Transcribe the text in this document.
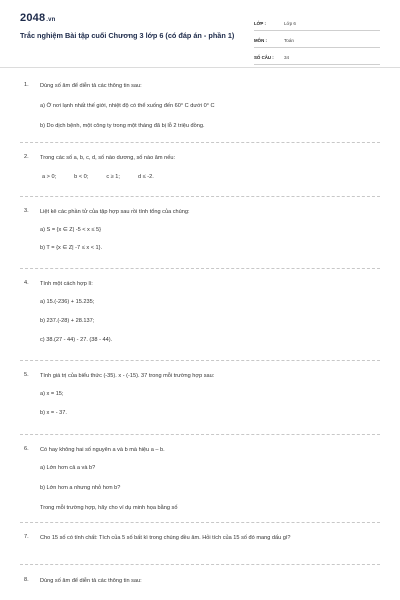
2048.vn
Trắc nghiệm Bài tập cuối Chương 3 lớp 6 (có đáp án - phần 1)
LỚP :	Lớp 6
MÔN :	Toán
SỐ CÂU :	34
1. Dùng số âm để diễn tả các thông tin sau:
a) Ở nơi lạnh nhất thế giới, nhiệt độ có thể xuống đến 60° C dưới 0° C
b) Do dịch bệnh, một công ty trong một tháng đã bị lỗ 2 triệu đồng.
2. Trong các số a, b, c, d, số nào dương, số nào âm nếu:
a > 0;	b < 0;	c ≥ 1;	d ≤ -2.
3. Liệt kê các phần tử của tập hợp sau rồi tính tổng của chúng:
a) S = {x ∈ Z| -5 < x ≤ 5}
b) T = {x ∈ Z| -7 ≤ x < 1}.
4. Tính một cách hợp lí:
a) 15.(-236) + 15.235;
b) 237.(-28) + 28.137;
c) 38.(27 - 44) - 27. (38 - 44).
5. Tính giá trị của biểu thức (-35). x - (-15). 37 trong mỗi trường hợp sau:
a) x = 15;
b) x = - 37.
6. Có hay không hai số nguyên a và b mà hiệu a – b.
a) Lớn hơn cả a và b?
b) Lớn hơn a nhưng nhỏ hơn b?
Trong mỗi trường hợp, hãy cho ví dụ minh họa bằng số
7. Cho 15 số có tính chất: Tích của 5 số bất kì trong chúng đều âm. Hỏi tích của 15 số đó mang dấu gì?
8. Dùng số âm để diễn tả các thông tin sau:
